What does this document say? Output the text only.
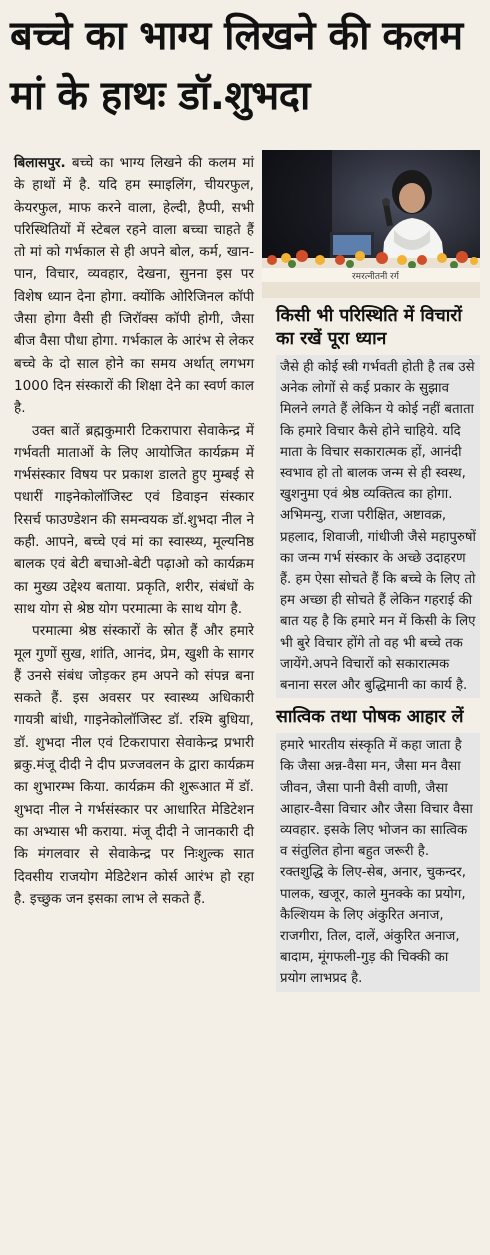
बच्चे का भाग्य लिखने की कलम मां के हाथः डॉ.शुभदा

बिलासपुर. बच्चे का भाग्य लिखने की कलम मां के हाथों में है. यदि हम स्माइलिंग, चीयरफुल, केयरफुल, माफ करने वाला, हेल्दी, हैप्पी, सभी परिस्थितियों में स्टेबल रहने वाला बच्चा चाहते हैं तो मां को गर्भकाल से ही अपने बोल, कर्म, खान-पान, विचार, व्यवहार, देखना, सुनना इस पर विशेष ध्यान देना होगा. क्योंकि ओरिजिनल कॉपी जैसा होगा वैसी ही जिरॉक्स कॉपी होगी, जैसा बीज वैसा पौधा होगा. गर्भकाल के आरंभ से लेकर बच्चे के दो साल होने का समय अर्थात् लगभग 1000 दिन संस्कारों की शिक्षा देने का स्वर्ण काल है.

उक्त बातें ब्रह्मकुमारी टिकरापारा सेवाकेन्द्र में गर्भवती माताओं के लिए आयोजित कार्यक्रम में गर्भसंस्कार विषय पर प्रकाश डालते हुए मुम्बई से पधारीं गाइनेकोलॉजिस्ट एवं डिवाइन संस्कार रिसर्च फाउण्डेशन की समन्वयक डॉ.शुभदा नील ने कही. आपने, बच्चे एवं मां का स्वास्थ्य, मूल्यनिष्ठ बालक एवं बेटी बचाओ-बेटी पढ़ाओ को कार्यक्रम का मुख्य उद्देश्य बताया. प्रकृति, शरीर, संबंधों के साथ योग से श्रेष्ठ योग परमात्मा के साथ योग है.

परमात्मा श्रेष्ठ संस्कारों के स्रोत हैं और हमारे मूल गुणों सुख, शांति, आनंद, प्रेम, खुशी के सागर हैं उनसे संबंध जोड़कर हम अपने को संपन्न बना सकते हैं. इस अवसर पर स्वास्थ्य अधिकारी गायत्री बांधी, गाइनेकोलॉजिस्ट डॉ. रश्मि बुधिया, डॉ. शुभदा नील एवं टिकरापारा सेवाकेन्द्र प्रभारी ब्रकु.मंजू दीदी ने दीप प्रज्जवलन के द्वारा कार्यक्रम का शुभारम्भ किया. कार्यक्रम की शुरूआत में डॉ. शुभदा नील ने गर्भसंस्कार पर आधारित मेडिटेशन का अभ्यास भी कराया. मंजू दीदी ने जानकारी दी कि मंगलवार से सेवाकेन्द्र पर निःशुल्क सात दिवसीय राजयोग मेडिटेशन कोर्स आरंभ हो रहा है. इच्छुक जन इसका लाभ ले सकते हैं.

रमरत्नीतनी रर्ग
किसी भी परिस्थिति में विचारों का रखें पूरा ध्यान

जैसे ही कोई स्त्री गर्भवती होती है तब उसे अनेक लोगों से कई प्रकार के सुझाव मिलने लगते हैं लेकिन ये कोई नहीं बताता कि हमारे विचार कैसे होने चाहिये. यदि माता के विचार सकारात्मक हों, आनंदी स्वभाव हो तो बालक जन्म से ही स्वस्थ, खुशनुमा एवं श्रेष्ठ व्यक्तित्व का होगा. अभिमन्यु, राजा परीक्षित, अष्टावक्र, प्रहलाद, शिवाजी, गांधीजी जैसे महापुरुषों का जन्म गर्भ संस्कार के अच्छे उदाहरण हैं. हम ऐसा सोचते हैं कि बच्चे के लिए तो हम अच्छा ही सोचते हैं लेकिन गहराई की बात यह है कि हमारे मन में किसी के लिए भी बुरे विचार होंगे तो वह भी बच्चे तक जायेंगे.अपने विचारों को सकारात्मक बनाना सरल और बुद्धिमानी का कार्य है.

सात्विक तथा पोषक आहार लें

हमारे भारतीय संस्कृति में कहा जाता है कि जैसा अन्न-वैसा मन, जैसा मन वैसा जीवन, जैसा पानी वैसी वाणी, जैसा आहार-वैसा विचार और जैसा विचार वैसा व्यवहार. इसके लिए भोजन का सात्विक व संतुलित होना बहुत जरूरी है. रक्तशुद्धि के लिए-सेब, अनार, चुकन्दर, पालक, खजूर, काले मुनक्के का प्रयोग, कैल्शियम के लिए अंकुरित अनाज, राजगीरा, तिल, दालें, अंकुरित अनाज, बादाम, मूंगफली-गुड़ की चिक्की का प्रयोग लाभप्रद है.
